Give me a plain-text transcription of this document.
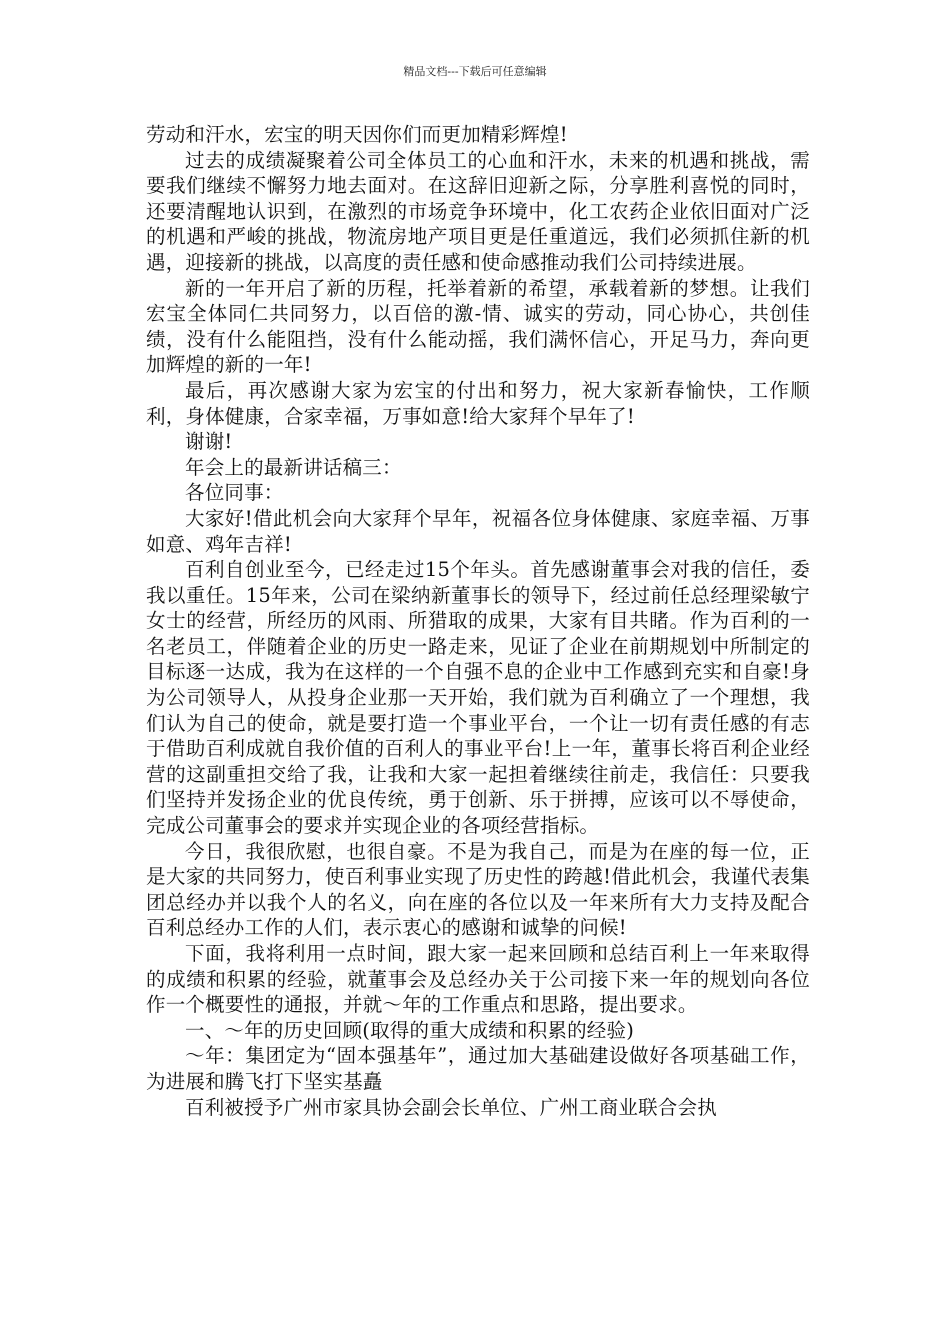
精品文档---下载后可任意编辑

劳动和汗水，宏宝的明天因你们而更加精彩辉煌!

过去的成绩凝聚着公司全体员工的心血和汗水，未来的机遇和挑战，需要我们继续不懈努力地去面对。在这辞旧迎新之际，分享胜利喜悦的同时，还要清醒地认识到，在激烈的市场竞争环境中，化工农药企业依旧面对广泛的机遇和严峻的挑战，物流房地产项目更是任重道远，我们必须抓住新的机遇，迎接新的挑战，以高度的责任感和使命感推动我们公司持续进展。

新的一年开启了新的历程，托举着新的希望，承载着新的梦想。让我们宏宝全体同仁共同努力，以百倍的激-情、诚实的劳动，同心协心，共创佳绩，没有什么能阻挡，没有什么能动摇，我们满怀信心，开足马力，奔向更加辉煌的新的一年!

最后，再次感谢大家为宏宝的付出和努力，祝大家新春愉快，工作顺利，身体健康，合家幸福，万事如意!给大家拜个早年了!

谢谢!

年会上的最新讲话稿三：

各位同事：

大家好!借此机会向大家拜个早年，祝福各位身体健康、家庭幸福、万事如意、鸡年吉祥!

百利自创业至今，已经走过15个年头。首先感谢董事会对我的信任，委我以重任。15年来，公司在梁纳新董事长的领导下，经过前任总经理梁敏宁女士的经营，所经历的风雨、所猎取的成果，大家有目共睹。作为百利的一名老员工，伴随着企业的历史一路走来，见证了企业在前期规划中所制定的目标逐一达成，我为在这样的一个自强不息的企业中工作感到充实和自豪!身为公司领导人，从投身企业那一天开始，我们就为百利确立了一个理想，我们认为自己的使命，就是要打造一个事业平台，一个让一切有责任感的有志于借助百利成就自我价值的百利人的事业平台!上一年，董事长将百利企业经营的这副重担交给了我，让我和大家一起担着继续往前走，我信任：只要我们坚持并发扬企业的优良传统，勇于创新、乐于拼搏，应该可以不辱使命，完成公司董事会的要求并实现企业的各项经营指标。

今日，我很欣慰，也很自豪。不是为我自己，而是为在座的每一位，正是大家的共同努力，使百利事业实现了历史性的跨越!借此机会，我谨代表集团总经办并以我个人的名义，向在座的各位以及一年来所有大力支持及配合百利总经办工作的人们，表示衷心的感谢和诚挚的问候!

下面，我将利用一点时间，跟大家一起来回顾和总结百利上一年来取得的成绩和积累的经验，就董事会及总经办关于公司接下来一年的规划向各位作一个概要性的通报，并就～年的工作重点和思路，提出要求。

一、～年的历史回顾(取得的重大成绩和积累的经验)

～年：集团定为“固本强基年”，通过加大基础建设做好各项基础工作，为进展和腾飞打下坚实基矗

百利被授予广州市家具协会副会长单位、广州工商业联合会执
